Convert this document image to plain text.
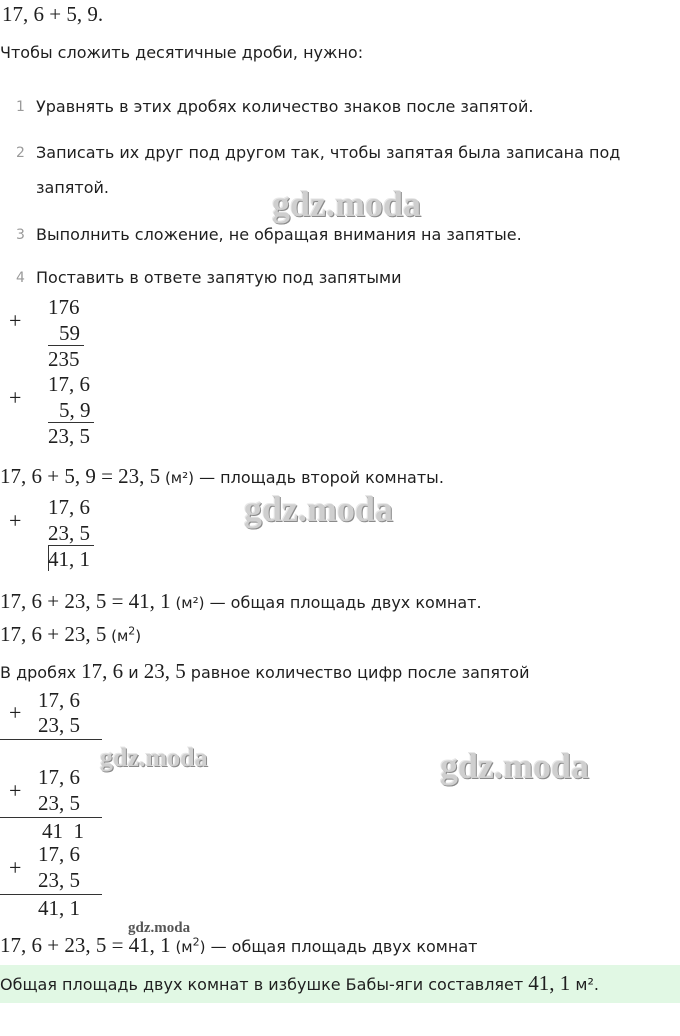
17, 6 + 5, 9.
Чтобы сложить десятичные дроби, нужно:
1 Уравнять в этих дробях количество знаков после запятой.
2 Записать их друг под другом так, чтобы запятая была записана под
запятой.
3 Выполнить сложение, не обращая внимания на запятые.
4 Поставить в ответе запятую под запятыми
gdz.moda
+
176
59
235
+
17, 6
5, 9
23, 5
17, 6 + 5, 9 = 23, 5 (м²) — площадь второй комнаты.
+
17, 6
23, 5
41, 1
gdz.moda
17, 6 + 23, 5 = 41, 1 (м²) — общая площадь двух комнат.
17, 6 + 23, 5 $(м^2)$
В дробях 17, 6 и 23, 5 равное количество цифр после запятой
+ 17, 6
23, 5
gdz.moda	gdz.moda
+
17, 6
23, 5
41  1
+
17, 6
23, 5
41, 1
gdz.moda
17, 6 + 23, 5 = 41, 1 $(м^2)$ — общая площадь двух комнат
Общая площадь двух комнат в избушке Бабы-яги составляет 41, 1 м².
